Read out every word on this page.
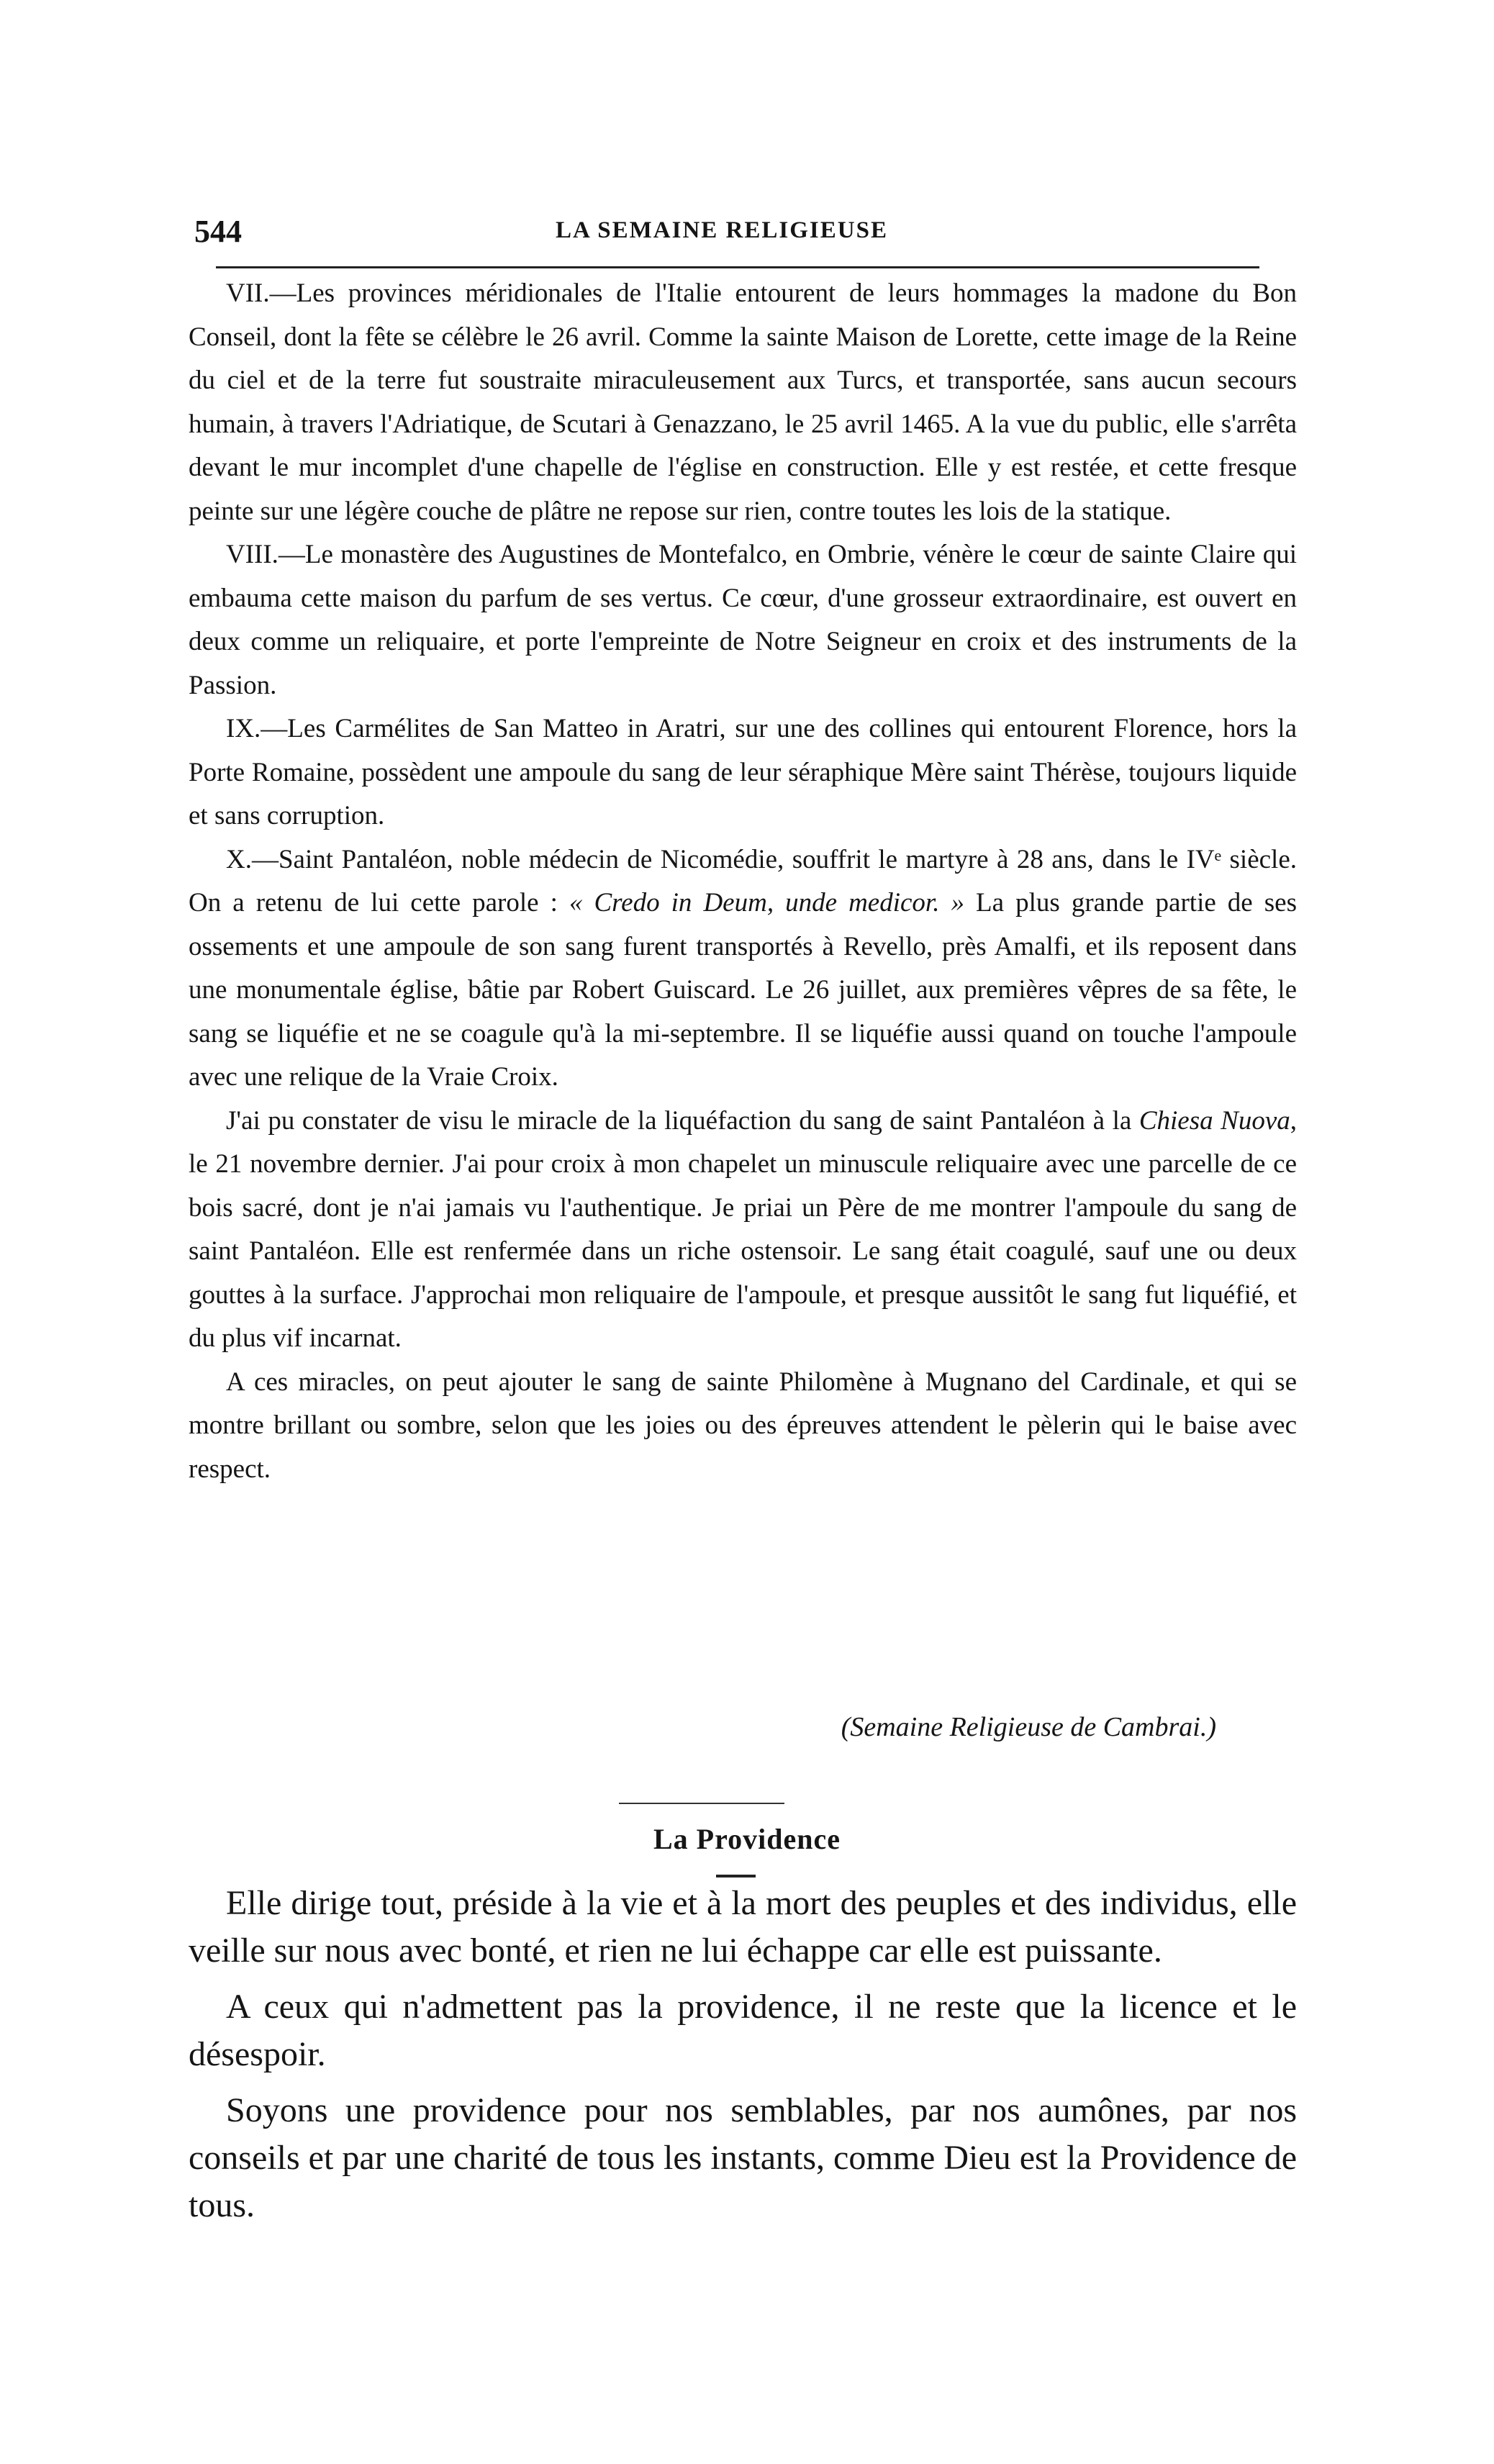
544	LA SEMAINE RELIGIEUSE

VII.—Les provinces méridionales de l'Italie entourent de leurs hommages la madone du Bon Conseil, dont la fête se célèbre le 26 avril. Comme la sainte Maison de Lorette, cette image de la Reine du ciel et de la terre fut soustraite miraculeusement aux Turcs, et transportée, sans aucun secours humain, à travers l'Adriatique, de Scutari à Genazzano, le 25 avril 1465. A la vue du public, elle s'arrêta devant le mur incomplet d'une chapelle de l'église en construction. Elle y est restée, et cette fresque peinte sur une légère couche de plâtre ne repose sur rien, contre toutes les lois de la statique.

VIII.—Le monastère des Augustines de Montefalco, en Ombrie, vénère le cœur de sainte Claire qui embauma cette maison du parfum de ses vertus. Ce cœur, d'une grosseur extraordinaire, est ouvert en deux comme un reliquaire, et porte l'empreinte de Notre Seigneur en croix et des instruments de la Passion.

IX.—Les Carmélites de San Matteo in Aratri, sur une des collines qui entourent Florence, hors la Porte Romaine, possèdent une ampoule du sang de leur séraphique Mère saint Thérèse, toujours liquide et sans corruption.

X.—Saint Pantaléon, noble médecin de Nicomédie, souffrit le martyre à 28 ans, dans le IVᵉ siècle. On a retenu de lui cette parole : « Credo in Deum, unde medicor. » La plus grande partie de ses ossements et une ampoule de son sang furent transportés à Revello, près Amalfi, et ils reposent dans une monumentale église, bâtie par Robert Guiscard. Le 26 juillet, aux premières vêpres de sa fête, le sang se liquéfie et ne se coagule qu'à la mi-septembre. Il se liquéfie aussi quand on touche l'ampoule avec une relique de la Vraie Croix.

J'ai pu constater de visu le miracle de la liquéfaction du sang de saint Pantaléon à la Chiesa Nuova, le 21 novembre dernier. J'ai pour croix à mon chapelet un minuscule reliquaire avec une parcelle de ce bois sacré, dont je n'ai jamais vu l'authentique. Je priai un Père de me montrer l'ampoule du sang de saint Pantaléon. Elle est renfermée dans un riche ostensoir. Le sang était coagulé, sauf une ou deux gouttes à la surface. J'approchai mon reliquaire de l'ampoule, et presque aussitôt le sang fut liquéfié, et du plus vif incarnat.

A ces miracles, on peut ajouter le sang de sainte Philomène à Mugnano del Cardinale, et qui se montre brillant ou sombre, selon que les joies ou des épreuves attendent le pèlerin qui le baise avec respect.

(Semaine Religieuse de Cambrai.)
La Providence

Elle dirige tout, préside à la vie et à la mort des peuples et des individus, elle veille sur nous avec bonté, et rien ne lui échappe car elle est puissante.

A ceux qui n'admettent pas la providence, il ne reste que la licence et le désespoir.

Soyons une providence pour nos semblables, par nos aumônes, par nos conseils et par une charité de tous les instants, comme Dieu est la Providence de tous.
